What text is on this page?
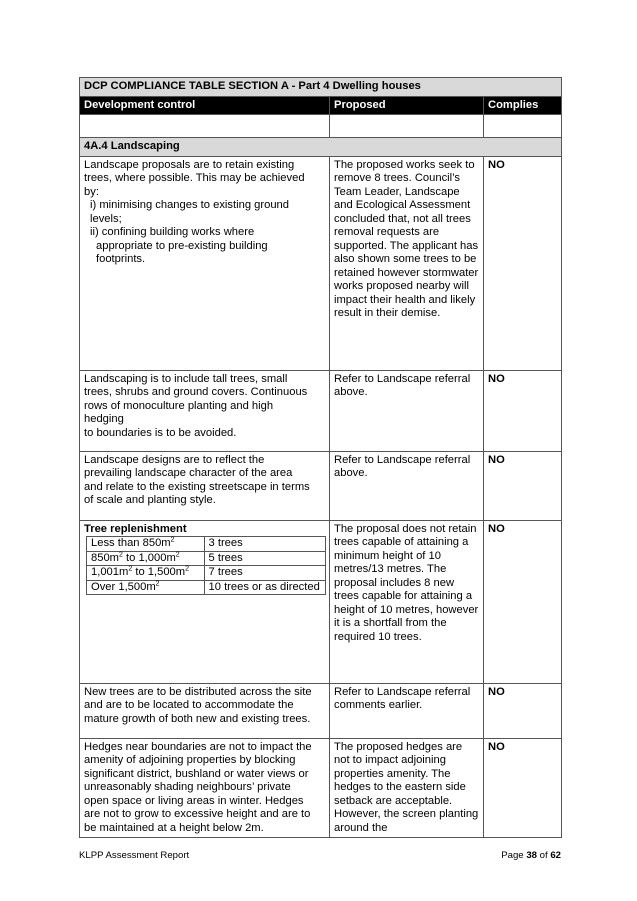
DCP COMPLIANCE TABLE SECTION A - Part 4 Dwelling houses
Development control	Proposed	Complies

4A.4 Landscaping

Landscape proposals are to retain existing
trees, where possible. This may be achieved
by:
i) minimising changes to existing ground
levels;
ii) confining building works where
appropriate to pre-existing building
footprints.
	The proposed works seek to remove 8 trees. Council’s Team Leader, Landscape and Ecological Assessment concluded that, not all trees removal requests are supported. The applicant has also shown some trees to be retained however stormwater works proposed nearby will impact their health and likely result in their demise.	NO

Landscaping is to include tall trees, small
trees, shrubs and ground covers. Continuous
rows of monoculture planting and high
hedging
to boundaries is to be avoided.
	Refer to Landscape referral above.	NO

Landscape designs are to reflect the
prevailing landscape character of the area
and relate to the existing streetscape in terms
of scale and planting style.
	Refer to Landscape referral above.	NO

Tree replenishment
Less than $850m^2$	3 trees
$850m^2$ to $1,000m^2$	5 trees
$1,001m^2$ to $1,500m^2$	7 trees
Over $1,500m^2$	10 trees or as directed
	The proposal does not retain trees capable of attaining a minimum height of 10 metres/13 metres. The proposal includes 8 new trees capable for attaining a height of 10 metres, however it is a shortfall from the required 10 trees.	NO

New trees are to be distributed across the site
and are to be located to accommodate the
mature growth of both new and existing trees.
	Refer to Landscape referral comments earlier.	NO

Hedges near boundaries are not to impact the
amenity of adjoining properties by blocking
significant district, bushland or water views or
unreasonably shading neighbours’ private
open space or living areas in winter. Hedges
are not to grow to excessive height and are to
be maintained at a height below 2m.
	The proposed hedges are not to impact adjoining properties amenity. The hedges to the eastern side setback are acceptable. However, the screen planting around the	NO
KLPP Assessment Report	Page 38 of 62
